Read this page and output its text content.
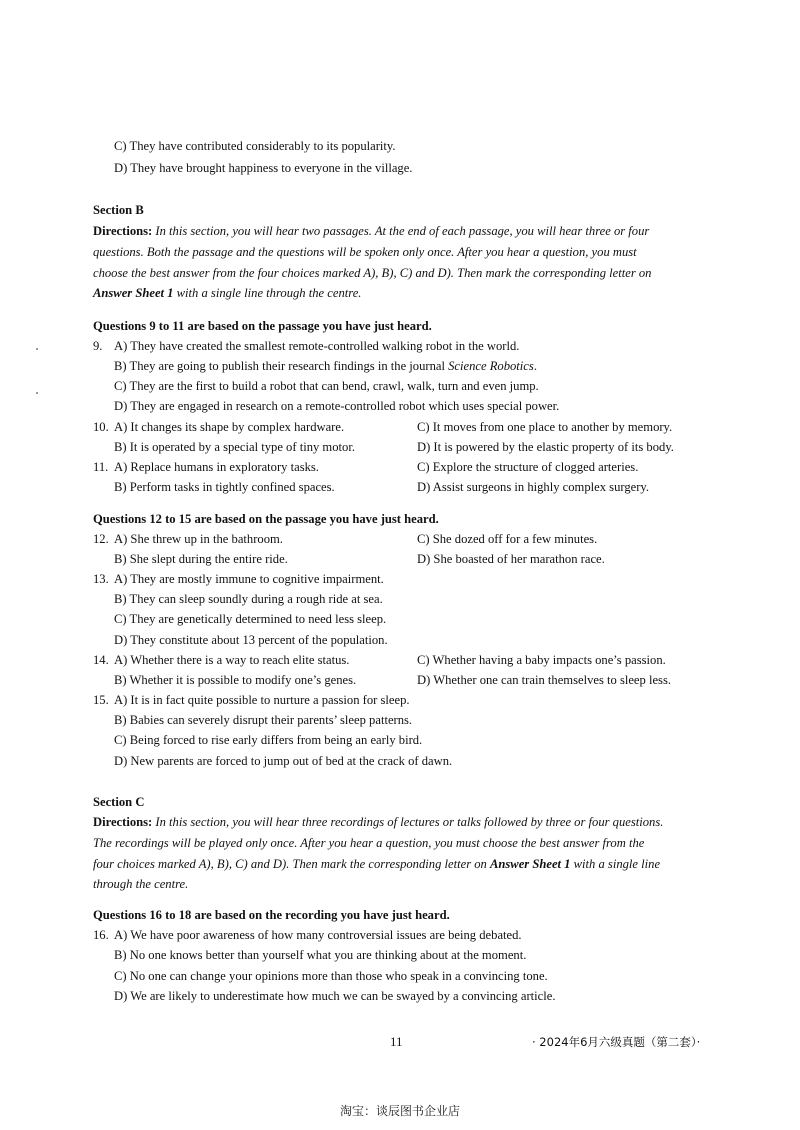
C) They have contributed considerably to its popularity.
D) They have brought happiness to everyone in the village.
Section B
Directions: In this section, you will hear two passages. At the end of each passage, you will hear three or four
questions. Both the passage and the questions will be spoken only once. After you hear a question, you must
choose the best answer from the four choices marked A), B), C) and D). Then mark the corresponding letter on
Answer Sheet 1 with a single line through the centre.
Questions 9 to 11 are based on the passage you have just heard.
9. A) They have created the smallest remote-controlled walking robot in the world.
B) They are going to publish their research findings in the journal Science Robotics.
C) They are the first to build a robot that can bend, crawl, walk, turn and even jump.
D) They are engaged in research on a remote-controlled robot which uses special power.
10. A) It changes its shape by complex hardware.	C) It moves from one place to another by memory.
B) It is operated by a special type of tiny motor.	D) It is powered by the elastic property of its body.
11. A) Replace humans in exploratory tasks.	C) Explore the structure of clogged arteries.
B) Perform tasks in tightly confined spaces.	D) Assist surgeons in highly complex surgery.
Questions 12 to 15 are based on the passage you have just heard.
12. A) She threw up in the bathroom.	C) She dozed off for a few minutes.
B) She slept during the entire ride.	D) She boasted of her marathon race.
13. A) They are mostly immune to cognitive impairment.
B) They can sleep soundly during a rough ride at sea.
C) They are genetically determined to need less sleep.
D) They constitute about 13 percent of the population.
14. A) Whether there is a way to reach elite status.	C) Whether having a baby impacts one’s passion.
B) Whether it is possible to modify one’s genes.	D) Whether one can train themselves to sleep less.
15. A) It is in fact quite possible to nurture a passion for sleep.
B) Babies can severely disrupt their parents’ sleep patterns.
C) Being forced to rise early differs from being an early bird.
D) New parents are forced to jump out of bed at the crack of dawn.
Section C
Directions: In this section, you will hear three recordings of lectures or talks followed by three or four questions.
The recordings will be played only once. After you hear a question, you must choose the best answer from the
four choices marked A), B), C) and D). Then mark the corresponding letter on Answer Sheet 1 with a single line
through the centre.
Questions 16 to 18 are based on the recording you have just heard.
16. A) We have poor awareness of how many controversial issues are being debated.
B) No one knows better than yourself what you are thinking about at the moment.
C) No one can change your opinions more than those who speak in a convincing tone.
D) We are likely to underestimate how much we can be swayed by a convincing article.
11	· 2024年6月六级真题（第二套）·
淘宝：谈辰图书企业店
